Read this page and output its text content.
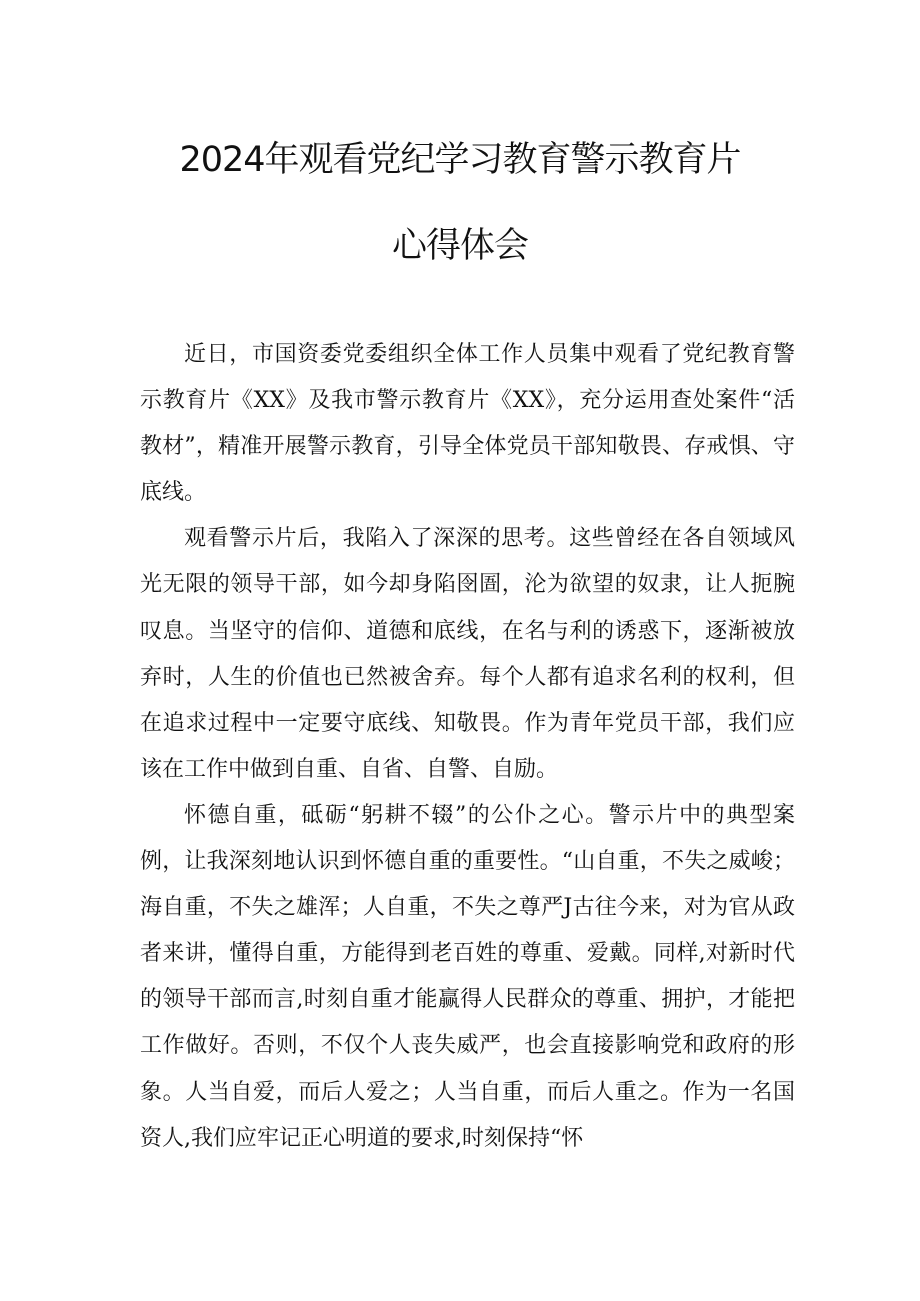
2024年观看党纪学习教育警示教育片
心得体会

近日，市国资委党委组织全体工作人员集中观看了党纪教育警示教育片《XX》及我市警示教育片《XX》，充分运用查处案件“活教材”，精准开展警示教育，引导全体党员干部知敬畏、存戒惧、守底线。

观看警示片后，我陷入了深深的思考。这些曾经在各自领域风光无限的领导干部，如今却身陷囹圄，沦为欲望的奴隶，让人扼腕叹息。当坚守的信仰、道德和底线，在名与利的诱惑下，逐渐被放弃时，人生的价值也已然被舍弃。每个人都有追求名利的权利，但在追求过程中一定要守底线、知敬畏。作为青年党员干部，我们应该在工作中做到自重、自省、自警、自励。

怀德自重，砥砺“躬耕不辍”的公仆之心。警示片中的典型案例，让我深刻地认识到怀德自重的重要性。“山自重，不失之威峻；海自重，不失之雄浑；人自重，不失之尊严J古往今来，对为官从政者来讲，懂得自重，方能得到老百姓的尊重、爱戴。同样,对新时代的领导干部而言,时刻自重才能赢得人民群众的尊重、拥护，才能把工作做好。否则，不仅个人丧失威严，也会直接影响党和政府的形象。人当自爱，而后人爱之；人当自重，而后人重之。作为一名国资人,我们应牢记正心明道的要求,时刻保持“怀
